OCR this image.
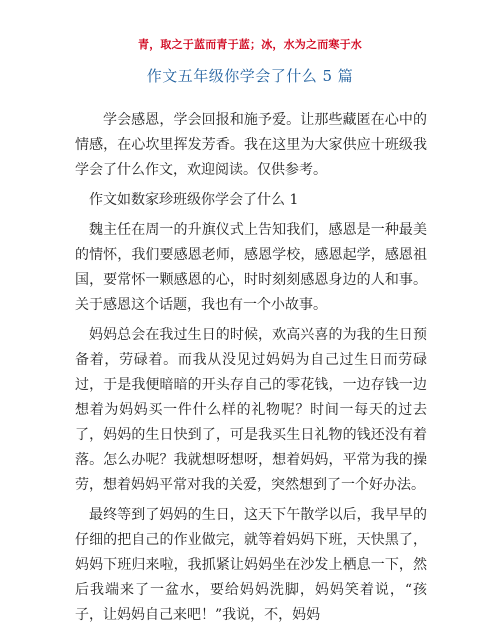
青，取之于蓝而青于蓝；冰，水为之而寒于水
作文五年级你学会了什么 5 篇

学会感恩，学会回报和施予爱。让那些藏匿在心中的情感，在心坎里挥发芳香。我在这里为大家供应十班级我学会了什么作文，欢迎阅读。仅供参考。

作文如数家珍班级你学会了什么 1

魏主任在周一的升旗仪式上告知我们，感恩是一种最美的情怀，我们要感恩老师，感恩学校，感恩起学，感恩祖国，要常怀一颗感恩的心，时时刻刻感恩身边的人和事。关于感恩这个话题，我也有一个小故事。

妈妈总会在我过生日的时候，欢高兴喜的为我的生日预备着，劳碌着。而我从没见过妈妈为自己过生日而劳碌过，于是我便暗暗的开头存自己的零花钱，一边存钱一边想着为妈妈买一件什么样的礼物呢？时间一每天的过去了，妈妈的生日快到了，可是我买生日礼物的钱还没有着落。怎么办呢？我就想呀想呀，想着妈妈，平常为我的操劳，想着妈妈平常对我的关爱，突然想到了一个好办法。

最终等到了妈妈的生日，这天下午散学以后，我早早的仔细的把自己的作业做完，就等着妈妈下班，天快黑了，妈妈下班归来啦，我抓紧让妈妈坐在沙发上栖息一下，然后我端来了一盆水，要给妈妈洗脚，妈妈笑着说，“孩子，让妈妈自己来吧！”我说，不，妈妈
